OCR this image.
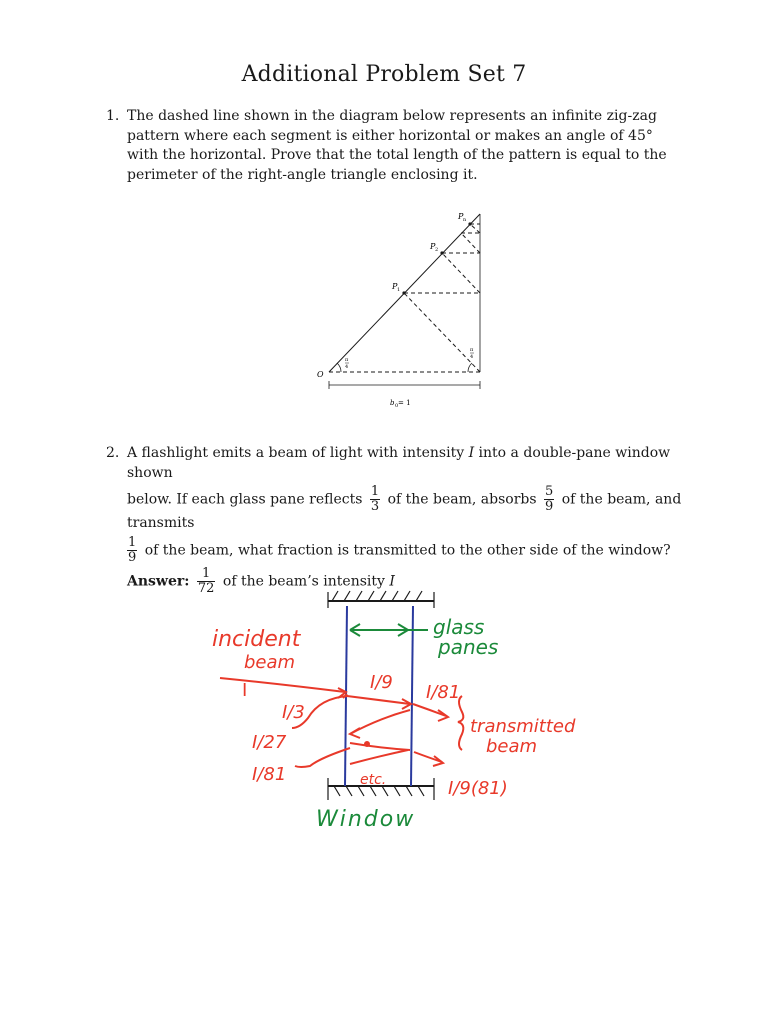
Additional Problem Set 7
1. The dashed line shown in the diagram below represents an infinite zig-zag pattern where each segment is either horizontal or makes an angle of 45° with the horizontal. Prove that the total length of the pattern is equal to the perimeter of the right-angle triangle enclosing it.
O
P 1
P 2
P n
π
4
π
4
b 0 = 1
2. A flashlight emits a beam of light with intensity I into a double-pane window shown
below. If each glass pane reflects $\frac{1}{3}$ of the beam, absorbs $\frac{5}{9}$ of the beam, and transmits
$\frac{1}{9}$ of the beam, what fraction is transmitted to the other side of the window?
Answer: $\frac{1}{72}$ of the beam’s intensity I
incident
beam
glass
panes
I	I/9 I/81
I/3
I/27
I/81
I/9(81)
etc.
transmitted
beam
Window
